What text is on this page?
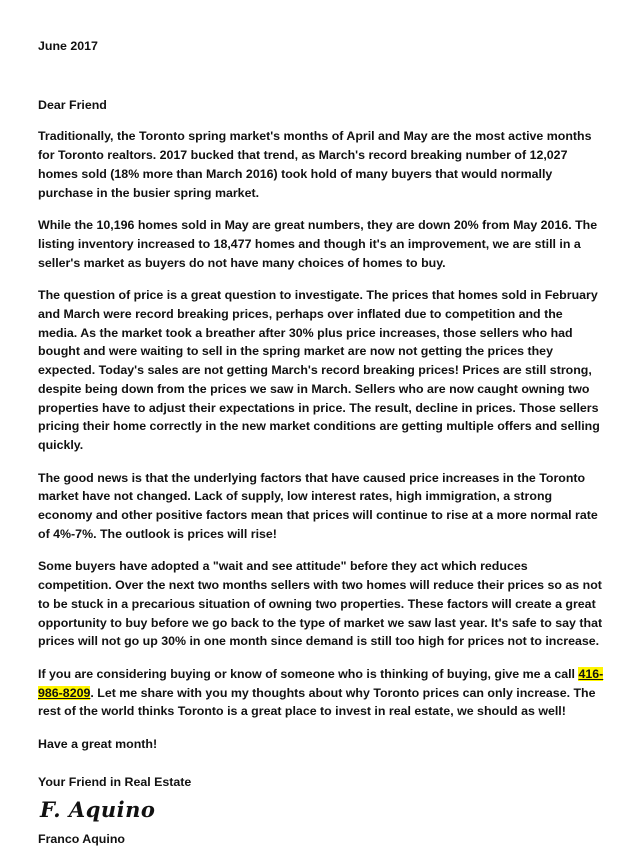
June 2017

Dear Friend

Traditionally, the Toronto spring market's months of April and May are the most active months for Toronto realtors. 2017 bucked that trend, as March's record breaking number of 12,027 homes sold (18% more than March 2016) took hold of many buyers that would normally purchase in the busier spring market.

While the 10,196 homes sold in May are great numbers, they are down 20% from May 2016. The listing inventory increased to 18,477 homes and though it's an improvement, we are still in a seller's market as buyers do not have many choices of homes to buy.

The question of price is a great question to investigate. The prices that homes sold in February and March were record breaking prices, perhaps over inflated due to competition and the media. As the market took a breather after 30% plus price increases, those sellers who had bought and were waiting to sell in the spring market are now not getting the prices they expected. Today's sales are not getting March's record breaking prices! Prices are still strong, despite being down from the prices we saw in March. Sellers who are now caught owning two properties have to adjust their expectations in price. The result, decline in prices. Those sellers pricing their home correctly in the new market conditions are getting multiple offers and selling quickly.

The good news is that the underlying factors that have caused price increases in the Toronto market have not changed. Lack of supply, low interest rates, high immigration, a strong economy and other positive factors mean that prices will continue to rise at a more normal rate of 4%-7%. The outlook is prices will rise!

Some buyers have adopted a "wait and see attitude" before they act which reduces competition. Over the next two months sellers with two homes will reduce their prices so as not to be stuck in a precarious situation of owning two properties. These factors will create a great opportunity to buy before we go back to the type of market we saw last year. It's safe to say that prices will not go up 30% in one month since demand is still too high for prices not to increase.

If you are considering buying or know of someone who is thinking of buying, give me a call 416-986-8209. Let me share with you my thoughts about why Toronto prices can only increase. The rest of the world thinks Toronto is a great place to invest in real estate, we should as well!

Have a great month!

Your Friend in Real Estate

F. Aquino

Franco Aquino
